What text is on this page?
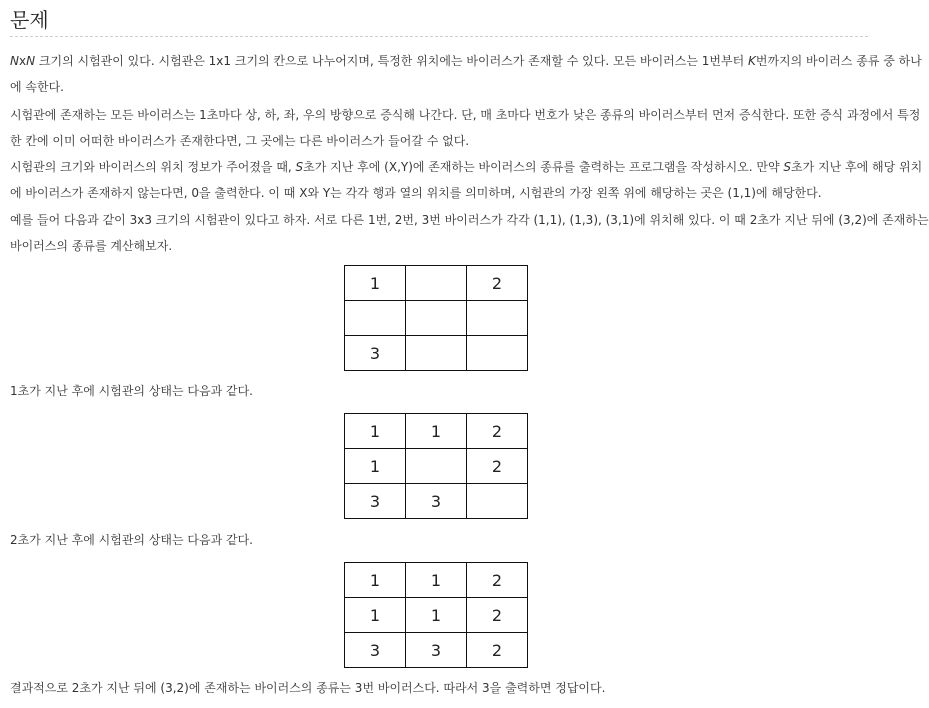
문제

NxN 크기의 시험관이 있다. 시험관은 1x1 크기의 칸으로 나누어지며, 특정한 위치에는 바이러스가 존재할 수 있다. 모든 바이러스는 1번부터 K번까지의 바이러스 종류 중 하나
에 속한다.

시험관에 존재하는 모든 바이러스는 1초마다 상, 하, 좌, 우의 방향으로 증식해 나간다. 단, 매 초마다 번호가 낮은 종류의 바이러스부터 먼저 증식한다. 또한 증식 과정에서 특정
한 칸에 이미 어떠한 바이러스가 존재한다면, 그 곳에는 다른 바이러스가 들어갈 수 없다.

시험관의 크기와 바이러스의 위치 정보가 주어졌을 때, S초가 지난 후에 (X,Y)에 존재하는 바이러스의 종류를 출력하는 프로그램을 작성하시오. 만약 S초가 지난 후에 해당 위치
에 바이러스가 존재하지 않는다면, 0을 출력한다. 이 때 X와 Y는 각각 행과 열의 위치를 의미하며, 시험관의 가장 왼쪽 위에 해당하는 곳은 (1,1)에 해당한다.

예를 들어 다음과 같이 3x3 크기의 시험관이 있다고 하자. 서로 다른 1번, 2번, 3번 바이러스가 각각 (1,1), (1,3), (3,1)에 위치해 있다. 이 때 2초가 지난 뒤에 (3,2)에 존재하는
바이러스의 종류를 계산해보자.

1		2

3		

1초가 지난 후에 시험관의 상태는 다음과 같다.

1	1	2
1		2
3	3	

2초가 지난 후에 시험관의 상태는 다음과 같다.

1	1	2
1	1	2
3	3	2

결과적으로 2초가 지난 뒤에 (3,2)에 존재하는 바이러스의 종류는 3번 바이러스다. 따라서 3을 출력하면 정답이다.
